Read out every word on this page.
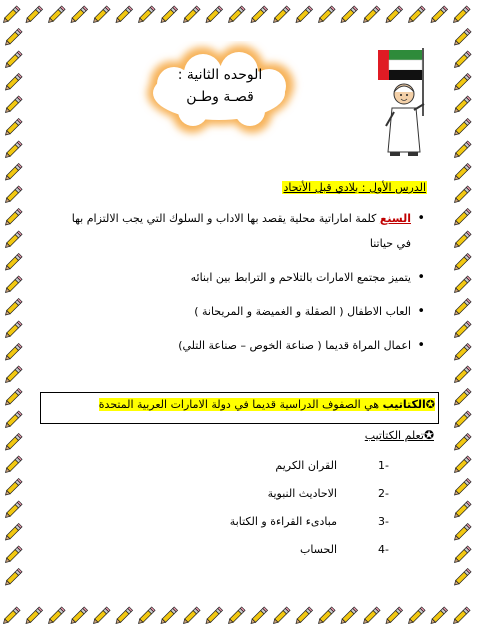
الوحده الثانية :
قصـة وطـن
الدرس الأول : بلادي قبل الأتحاد
• السنع كلمة اماراتية محلية يقصد بها الاداب و السلوك التي يجب الالتزام بها في حياتنا
• يتميز مجتمع الامارات بالتلاحم و الترابط بين ابنائه
• العاب الاطفال ( الصقلة و الغميضة و المريحانة )
• اعمال المراة قديما ( صناعة الخوص – صناعة التلي)
✪الكتاتيب هي الصفوف الدراسية قديما في دولة الامارات العربية المتحدة
✪تعلم الكتاتيب
-1
القران الكريم
-2
الاحاديث النبوية
-3
مبادىء القراءة و الكتابة
-4
الحساب
